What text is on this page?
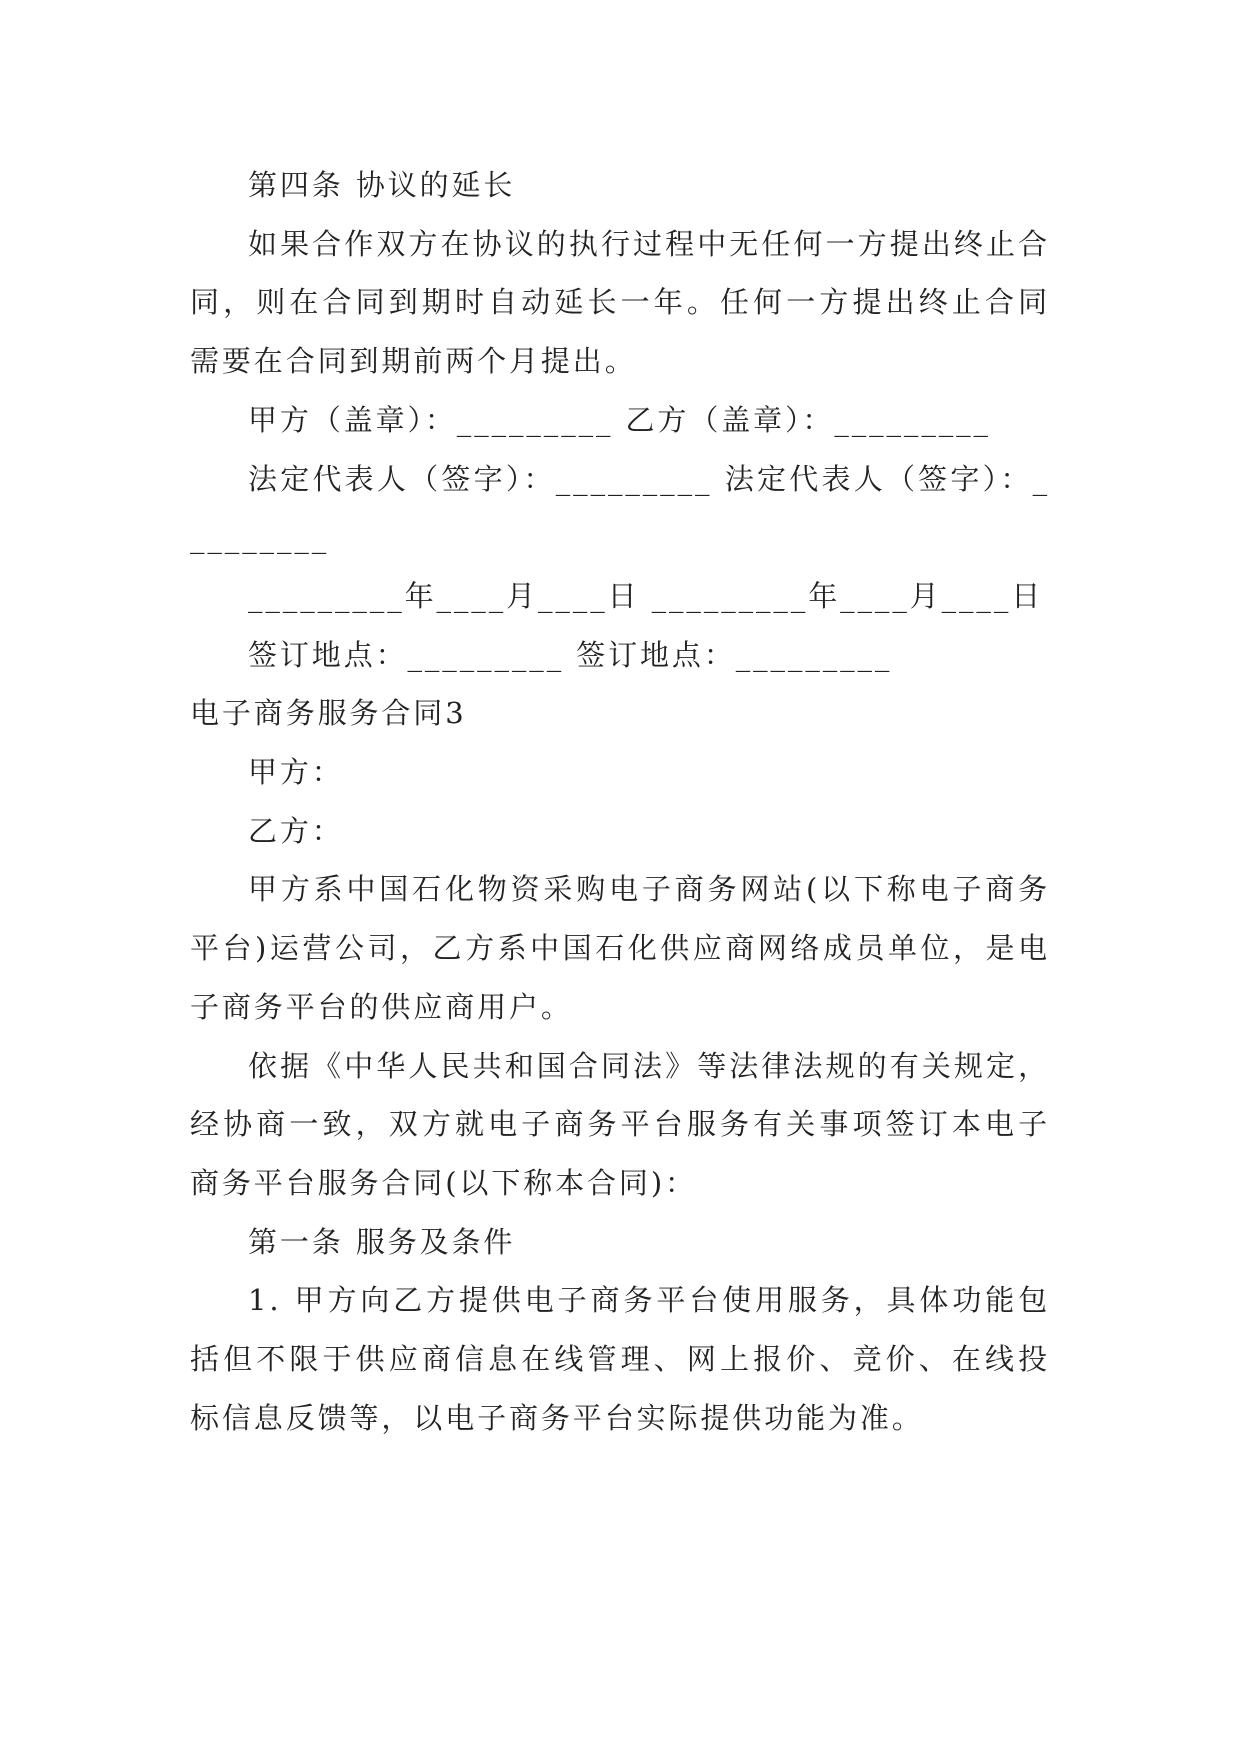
第四条 协议的延长

如果合作双方在协议的执行过程中无任何一方提出终止合同，则在合同到期时自动延长一年。任何一方提出终止合同需要在合同到期前两个月提出。

甲方（盖章）：_________ 乙方（盖章）：_________

法定代表人（签字）：_________ 法定代表人（签字）：_________

_________年____月____日 _________年____月____日

签订地点：_________ 签订地点：_________

电子商务服务合同3

甲方：

乙方：

甲方系中国石化物资采购电子商务网站(以下称电子商务平台)运营公司，乙方系中国石化供应商网络成员单位，是电子商务平台的供应商用户。

依据《中华人民共和国合同法》等法律法规的有关规定，经协商一致，双方就电子商务平台服务有关事项签订本电子商务平台服务合同(以下称本合同)：

第一条 服务及条件

1. 甲方向乙方提供电子商务平台使用服务，具体功能包括但不限于供应商信息在线管理、网上报价、竞价、在线投标信息反馈等，以电子商务平台实际提供功能为准。
